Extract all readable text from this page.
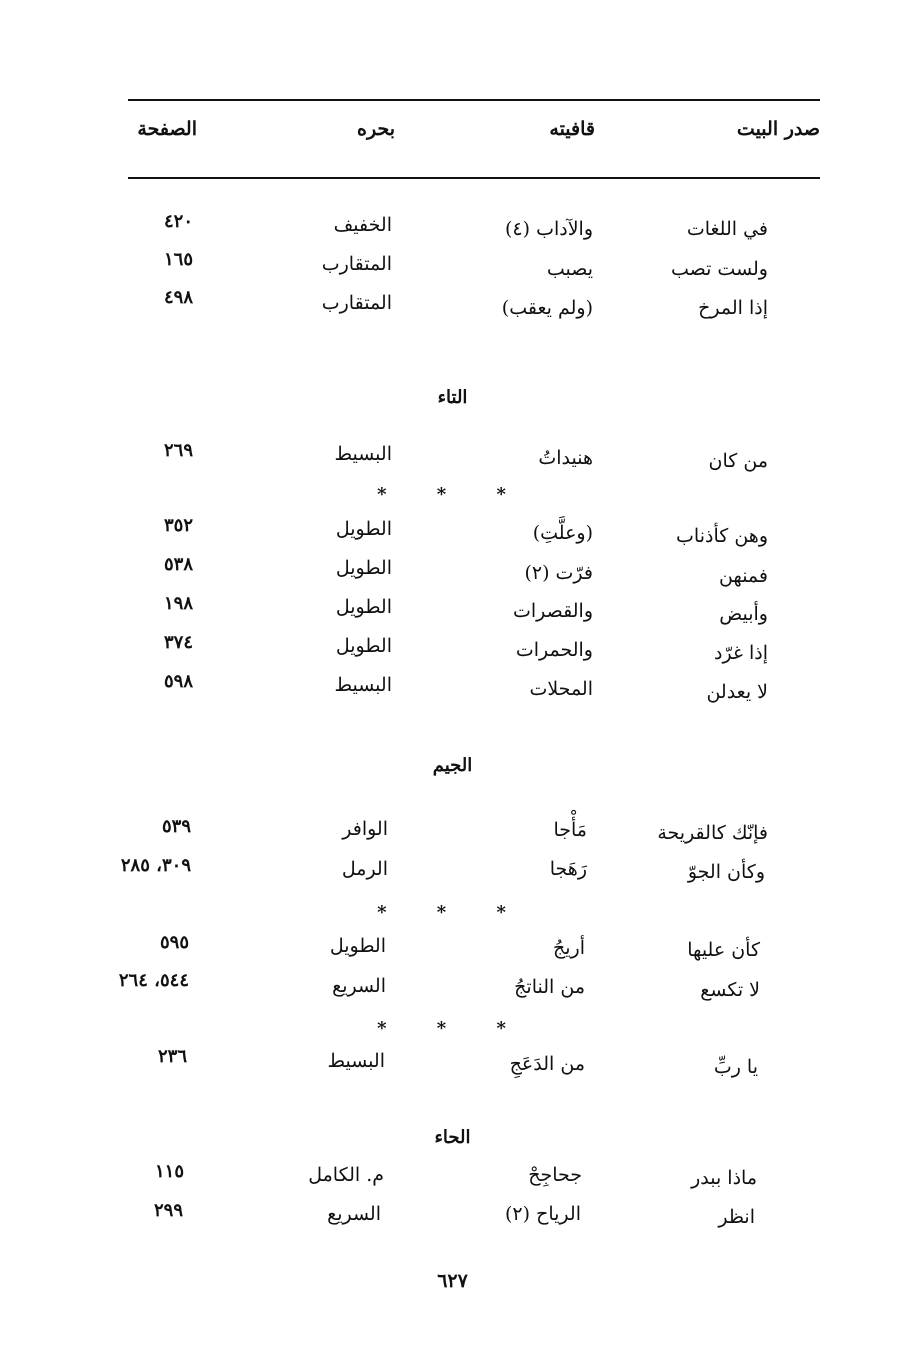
صدر البيت
قافيته
بحره
الصفحة
في اللغات
والآداب (٤)
الخفيف
٤٢٠
ولست تصب
يصبب
المتقارب
١٦٥
إذا المرخ
(ولم يعقب)
المتقارب
٤٩٨
التاء
من كان
هنيداتُ
البسيط
٢٦٩
* * *
وهن كأذناب
(وعلَّتِ)
الطويل
٣٥٢
فمنهن
فرّت (٢)
الطويل
٥٣٨
وأبيض
والقصرات
الطويل
١٩٨
إذا غرّد
والحمرات
الطويل
٣٧٤
لا يعدلن
المحلات
البسيط
٥٩٨
الجيم
فإنّك كالقريحة
مَأْجا
الوافر
٥٣٩
وكأن الجوّ
رَهَجا
الرمل
٣٠٩، ٢٨٥
* * *
كأن عليها
أريجُ
الطويل
٥٩٥
لا تكسع
من الناتجُ
السريع
٥٤٤، ٢٦٤
* * *
يا ربِّ
من الدَعَجِ
البسيط
٢٣٦
الحاء
ماذا ببدر
جحاجِحْ
م. الكامل
١١٥
انظر
الرياح (٢)
السريع
٢٩٩
٦٢٧
